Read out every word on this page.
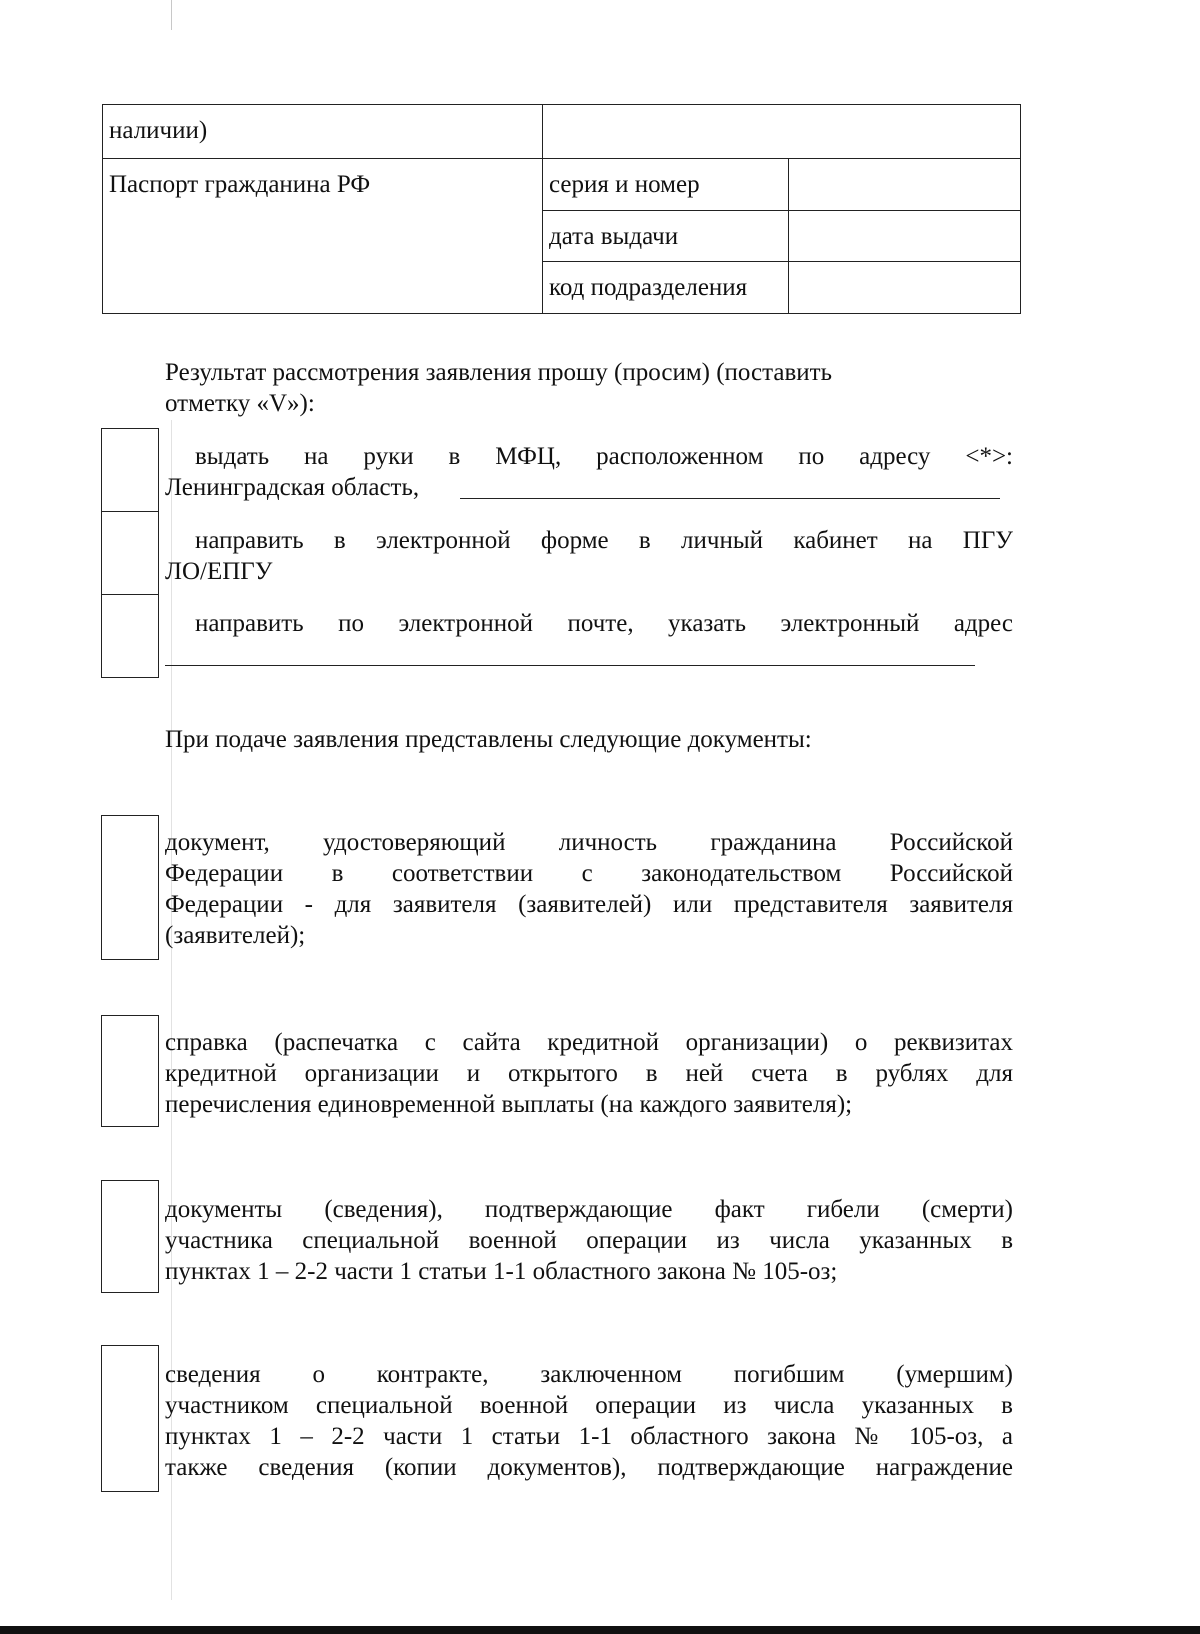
наличии)		
Паспорт гражданина РФ	серия и номер	
	дата выдачи	
	код подразделения	

Результат рассмотрения заявления прошу (просим) (поставить

отметку «V»):

выдать на руки в МФЦ, расположенном по адресу <*>:

Ленинградская область,

направить в электронной форме в личный кабинет на ПГУ

ЛО/ЕПГУ

направить по электронной почте, указать электронный адрес

При подаче заявления представлены следующие документы:

документ, удостоверяющий личность гражданина Российской

Федерации в соответствии с законодательством Российской

Федерации - для заявителя (заявителей) или представителя заявителя

(заявителей);

справка (распечатка с сайта кредитной организации) о реквизитах

кредитной организации и открытого в ней счета в рублях для

перечисления единовременной выплаты (на каждого заявителя);

документы (сведения), подтверждающие факт гибели (смерти)

участника специальной военной операции из числа указанных в

пунктах 1 – 2-2 части 1 статьи 1-1 областного закона № 105-оз;

сведения о контракте, заключенном погибшим (умершим)

участником специальной военной операции из числа указанных в

пунктах 1 – 2-2 части 1 статьи 1-1 областного закона № 105-оз, а

также сведения (копии документов), подтверждающие награждение
